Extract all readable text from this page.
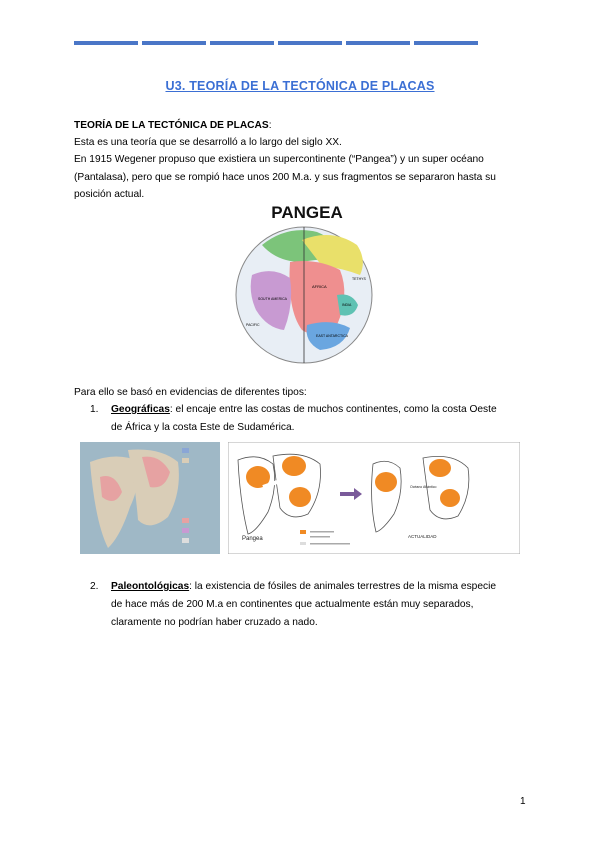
U3. TEORÍA DE LA TECTÓNICA DE PLACAS
TEORÍA DE LA TECTÓNICA DE PLACAS:
Esta es una teoría que se desarrolló a lo largo del siglo XX.
En 1915 Wegener propuso que existiera un supercontinente (“Pangea”) y un super océano
(Pantalasa), pero que se rompió hace unos 200 M.a. y sus fragmentos se separaron hasta su
posición actual.
PANGEA
AFRICA
SOUTH AMERICA
INDIA
EAST ANTARCTICA
PACIFIC
TETHYS
Para ello se basó en evidencias de diferentes tipos:
1. Geográficas: el encaje entre las costas de muchos continentes, como la costa Oeste
de África y la costa Este de Sudamérica.
Pangea	ACTUALIDAD
Océano Atlántico
2. Paleontológicas: la existencia de fósiles de animales terrestres de la misma especie
de hace más de 200 M.a en continentes que actualmente están muy separados,
claramente no podrían haber cruzado a nado.
1
